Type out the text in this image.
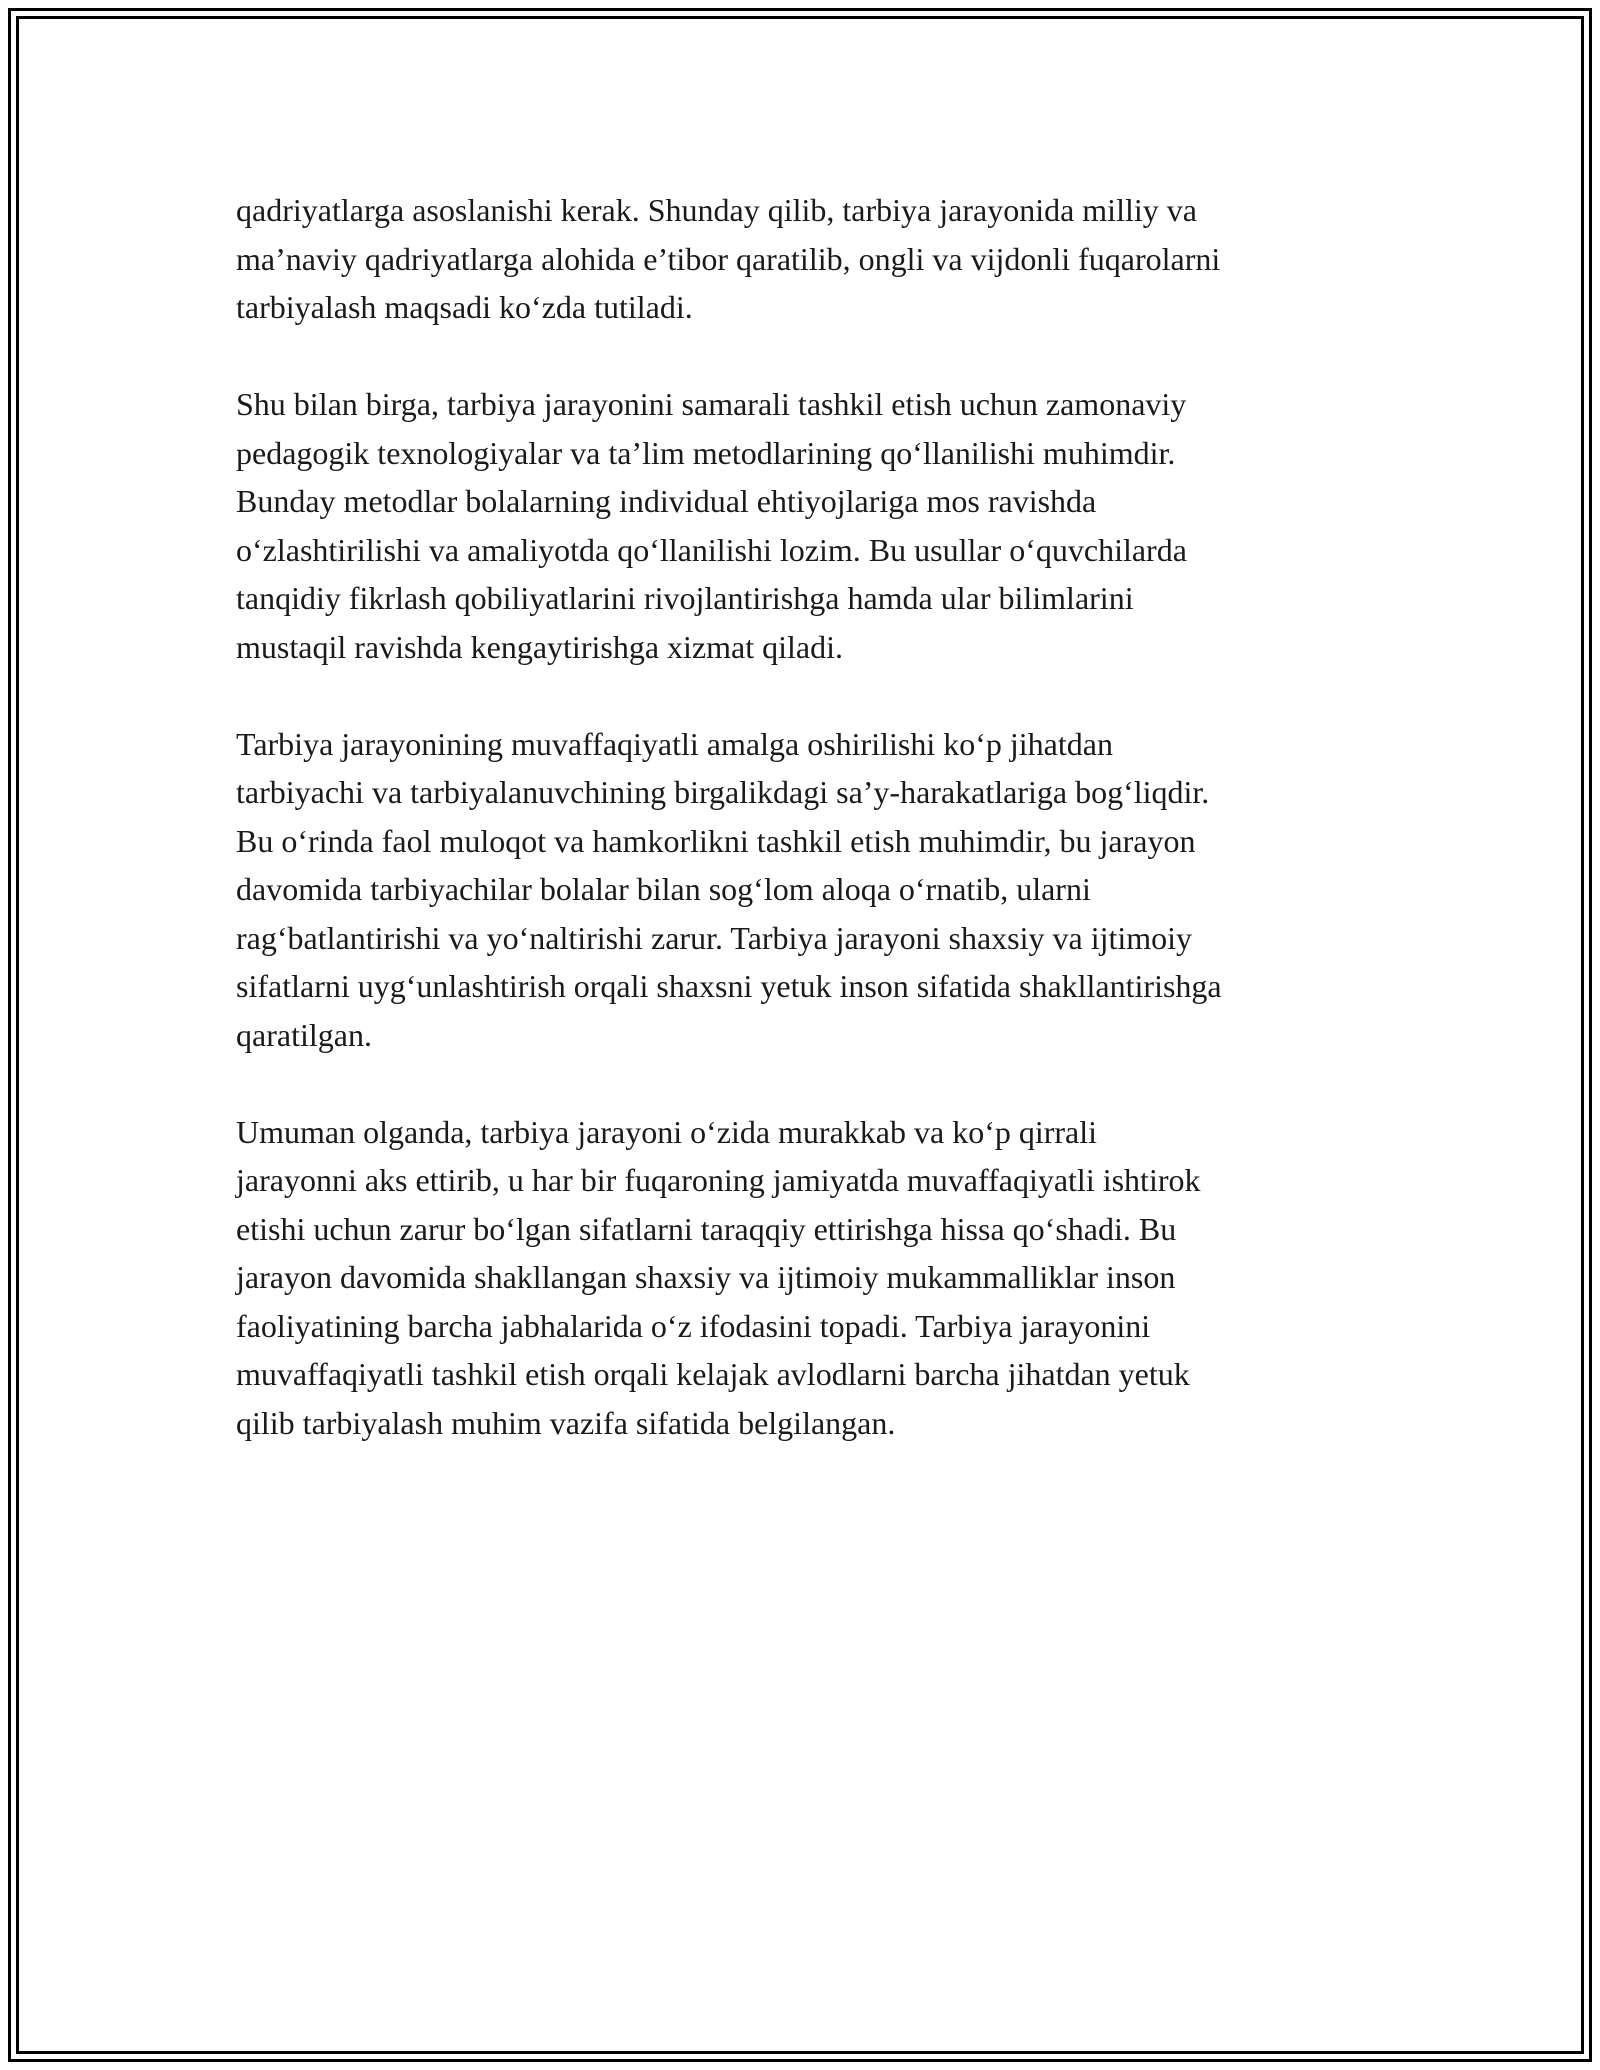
qadriyatlarga asoslanishi kerak. Shunday qilib, tarbiya jarayonida milliy va
ma’naviy qadriyatlarga alohida e’tibor qaratilib, ongli va vijdonli fuqarolarni
tarbiyalash maqsadi ko‘zda tutiladi.

Shu bilan birga, tarbiya jarayonini samarali tashkil etish uchun zamonaviy
pedagogik texnologiyalar va ta’lim metodlarining qo‘llanilishi muhimdir.
Bunday metodlar bolalarning individual ehtiyojlariga mos ravishda
o‘zlashtirilishi va amaliyotda qo‘llanilishi lozim. Bu usullar o‘quvchilarda
tanqidiy fikrlash qobiliyatlarini rivojlantirishga hamda ular bilimlarini
mustaqil ravishda kengaytirishga xizmat qiladi.

Tarbiya jarayonining muvaffaqiyatli amalga oshirilishi ko‘p jihatdan
tarbiyachi va tarbiyalanuvchining birgalikdagi sa’y-harakatlariga bog‘liqdir.
Bu o‘rinda faol muloqot va hamkorlikni tashkil etish muhimdir, bu jarayon
davomida tarbiyachilar bolalar bilan sog‘lom aloqa o‘rnatib, ularni
rag‘batlantirishi va yo‘naltirishi zarur. Tarbiya jarayoni shaxsiy va ijtimoiy
sifatlarni uyg‘unlashtirish orqali shaxsni yetuk inson sifatida shakllantirishga
qaratilgan.

Umuman olganda, tarbiya jarayoni o‘zida murakkab va ko‘p qirrali
jarayonni aks ettirib, u har bir fuqaroning jamiyatda muvaffaqiyatli ishtirok
etishi uchun zarur bo‘lgan sifatlarni taraqqiy ettirishga hissa qo‘shadi. Bu
jarayon davomida shakllangan shaxsiy va ijtimoiy mukammalliklar inson
faoliyatining barcha jabhalarida o‘z ifodasini topadi. Tarbiya jarayonini
muvaffaqiyatli tashkil etish orqali kelajak avlodlarni barcha jihatdan yetuk
qilib tarbiyalash muhim vazifa sifatida belgilangan.
